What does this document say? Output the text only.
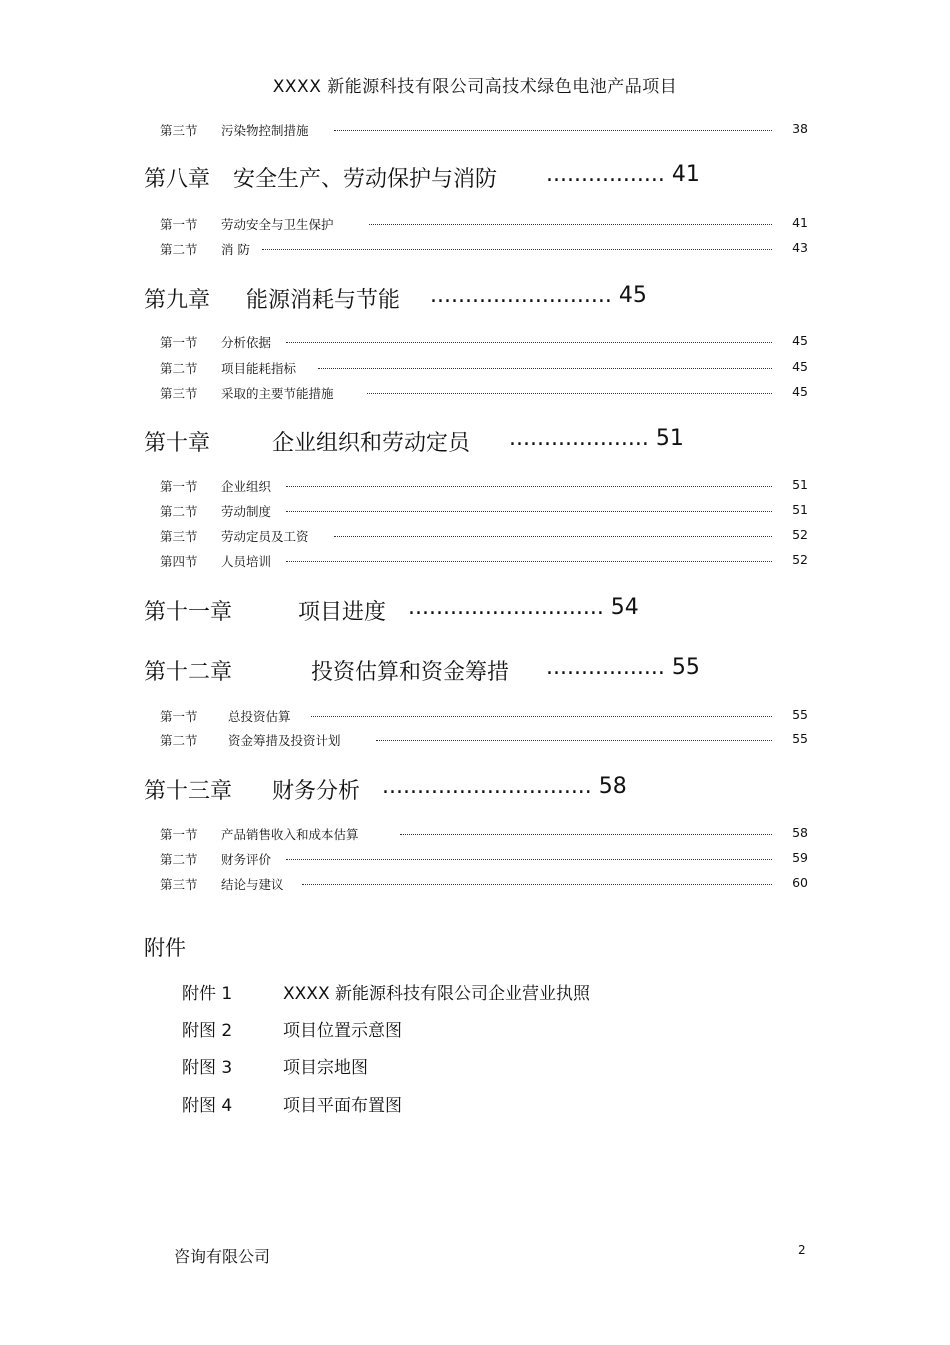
XXXX 新能源科技有限公司高技术绿色电池产品项目
第三节 污染物控制措施	38
第八章 安全生产、劳动保护与消防 ................. 41
第一节 劳动安全与卫生保护	41
第二节 消 防	43
第九章 能源消耗与节能 .......................... 45
第一节 分析依据	45
第二节 项目能耗指标	45
第三节 采取的主要节能措施	45
第十章	企业组织和劳动定员 .................... 51
第一节 企业组织	51
第二节 劳动制度	51
第三节 劳动定员及工资	52
第四节 人员培训	52
第十一章	项目进度 ............................ 54
第十二章	投资估算和资金筹措 ................. 55
第一节 总投资估算	55
第二节 资金筹措及投资计划	55
第十三章 财务分析 .............................. 58
第一节 产品销售收入和成本估算	58
第二节 财务评价	59
第三节 结论与建议	60
附件
附件 1	XXXX 新能源科技有限公司企业营业执照
附图 2	项目位置示意图
附图 3	项目宗地图
附图 4	项目平面布置图
咨询有限公司	2
